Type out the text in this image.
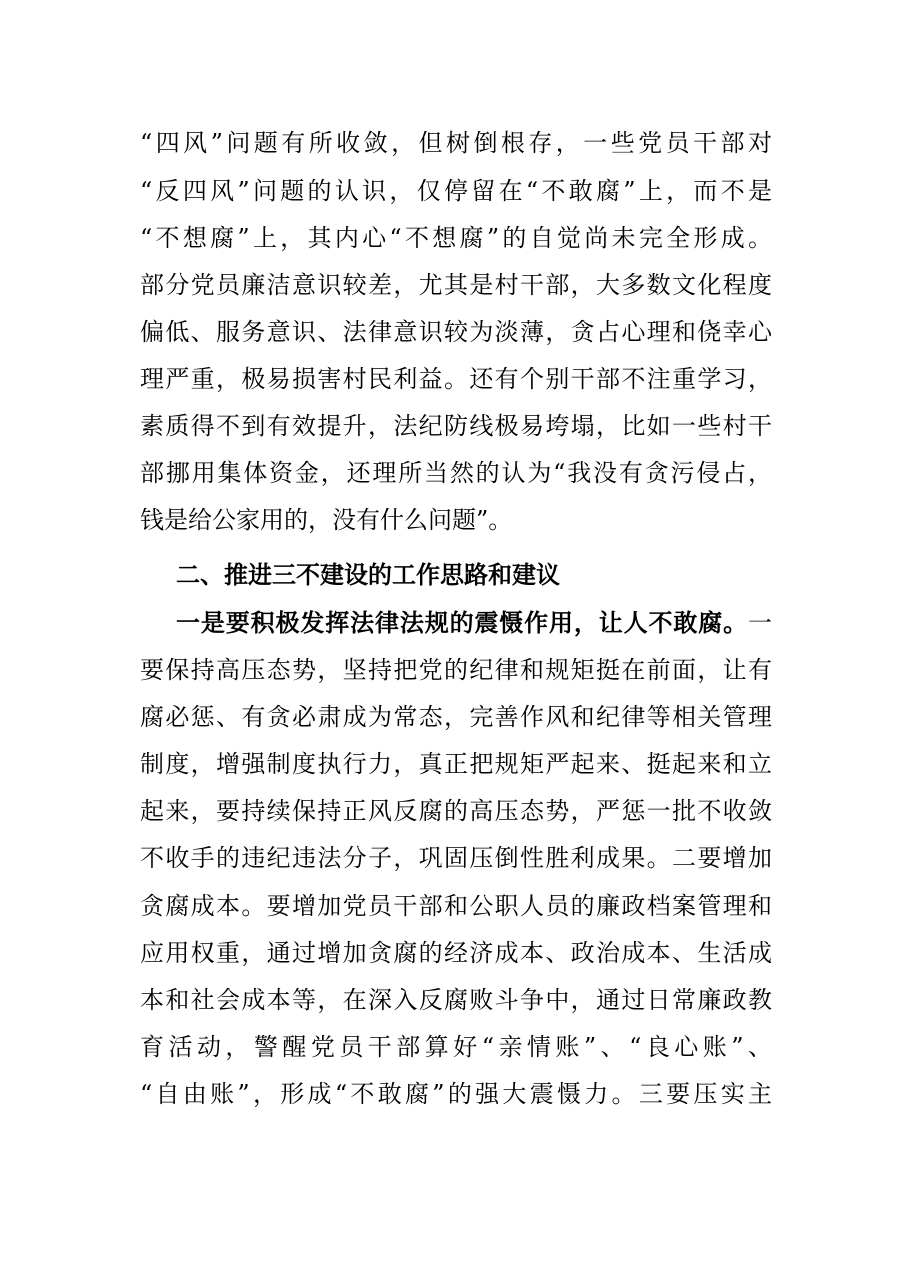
“四风”问题有所收敛，但树倒根存，一些党员干部对
“反四风”问题的认识，仅停留在“不敢腐”上，而不是
“不想腐”上，其内心“不想腐”的自觉尚未完全形成。
部分党员廉洁意识较差，尤其是村干部，大多数文化程度
偏低、服务意识、法律意识较为淡薄，贪占心理和侥幸心
理严重，极易损害村民利益。还有个别干部不注重学习，
素质得不到有效提升，法纪防线极易垮塌，比如一些村干
部挪用集体资金，还理所当然的认为“我没有贪污侵占，
钱是给公家用的，没有什么问题”。
二、推进三不建设的工作思路和建议
一是要积极发挥法律法规的震慑作用，让人不敢腐。一
要保持高压态势，坚持把党的纪律和规矩挺在前面，让有
腐必惩、有贪必肃成为常态，完善作风和纪律等相关管理
制度，增强制度执行力，真正把规矩严起来、挺起来和立
起来，要持续保持正风反腐的高压态势，严惩一批不收敛
不收手的违纪违法分子，巩固压倒性胜利成果。二要增加
贪腐成本。要增加党员干部和公职人员的廉政档案管理和
应用权重，通过增加贪腐的经济成本、政治成本、生活成
本和社会成本等，在深入反腐败斗争中，通过日常廉政教
育活动，警醒党员干部算好“亲情账”、“良心账”、
“自由账”，形成“不敢腐”的强大震慑力。三要压实主
